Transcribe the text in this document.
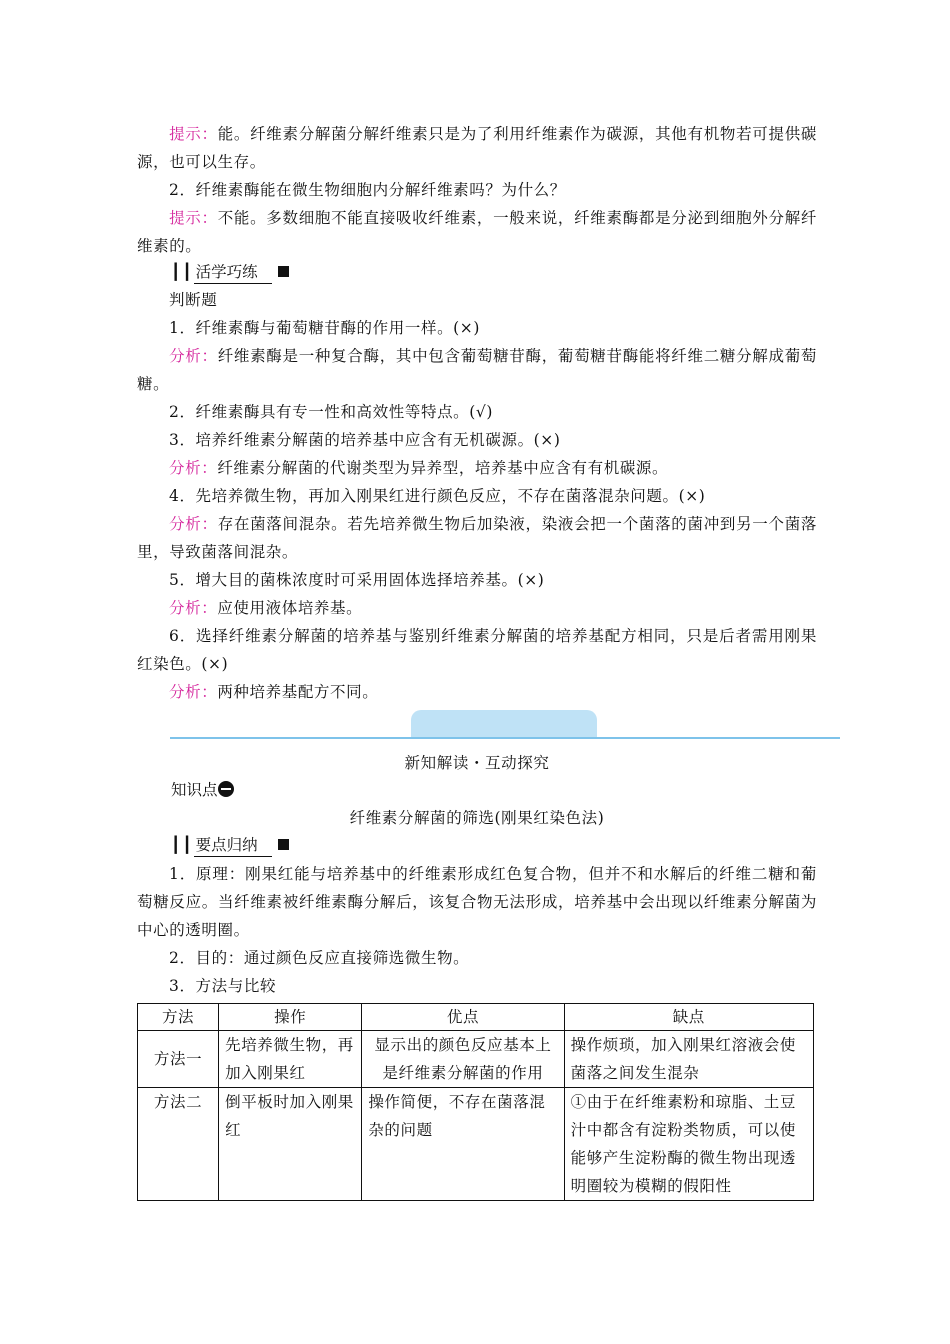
提示：能。纤维素分解菌分解纤维素只是为了利用纤维素作为碳源，其他有机物若可提供碳源，也可以生存。
2．纤维素酶能在微生物细胞内分解纤维素吗？为什么？
提示：不能。多数细胞不能直接吸收纤维素，一般来说，纤维素酶都是分泌到细胞外分解纤维素的。
┃┃ 活学巧练
判断题
1．纤维素酶与葡萄糖苷酶的作用一样。(×)
分析：纤维素酶是一种复合酶，其中包含葡萄糖苷酶，葡萄糖苷酶能将纤维二糖分解成葡萄糖。
2．纤维素酶具有专一性和高效性等特点。(√)
3．培养纤维素分解菌的培养基中应含有无机碳源。(×)
分析：纤维素分解菌的代谢类型为异养型，培养基中应含有有机碳源。
4．先培养微生物，再加入刚果红进行颜色反应，不存在菌落混杂问题。(×)
分析：存在菌落间混杂。若先培养微生物后加染液，染液会把一个菌落的菌冲到另一个菌落里，导致菌落间混杂。
5．增大目的菌株浓度时可采用固体选择培养基。(×)
分析：应使用液体培养基。
6．选择纤维素分解菌的培养基与鉴别纤维素分解菌的培养基配方相同，只是后者需用刚果红染色。(×)
分析：两种培养基配方不同。
新知解读・互动探究
知识点
纤维素分解菌的筛选(刚果红染色法)
┃┃ 要点归纳
1．原理：刚果红能与培养基中的纤维素形成红色复合物，但并不和水解后的纤维二糖和葡萄糖反应。当纤维素被纤维素酶分解后，该复合物无法形成，培养基中会出现以纤维素分解菌为中心的透明圈。
2．目的：通过颜色反应直接筛选微生物。
3．方法与比较
方法	操作	优点	缺点
方法一	先培养微生物，再加入刚果红	显示出的颜色反应基本上是纤维素分解菌的作用	操作烦琐，加入刚果红溶液会使菌落之间发生混杂
方法二	倒平板时加入刚果红	操作简便，不存在菌落混杂的问题	①由于在纤维素粉和琼脂、土豆汁中都含有淀粉类物质，可以使能够产生淀粉酶的微生物出现透明圈较为模糊的假阳性
